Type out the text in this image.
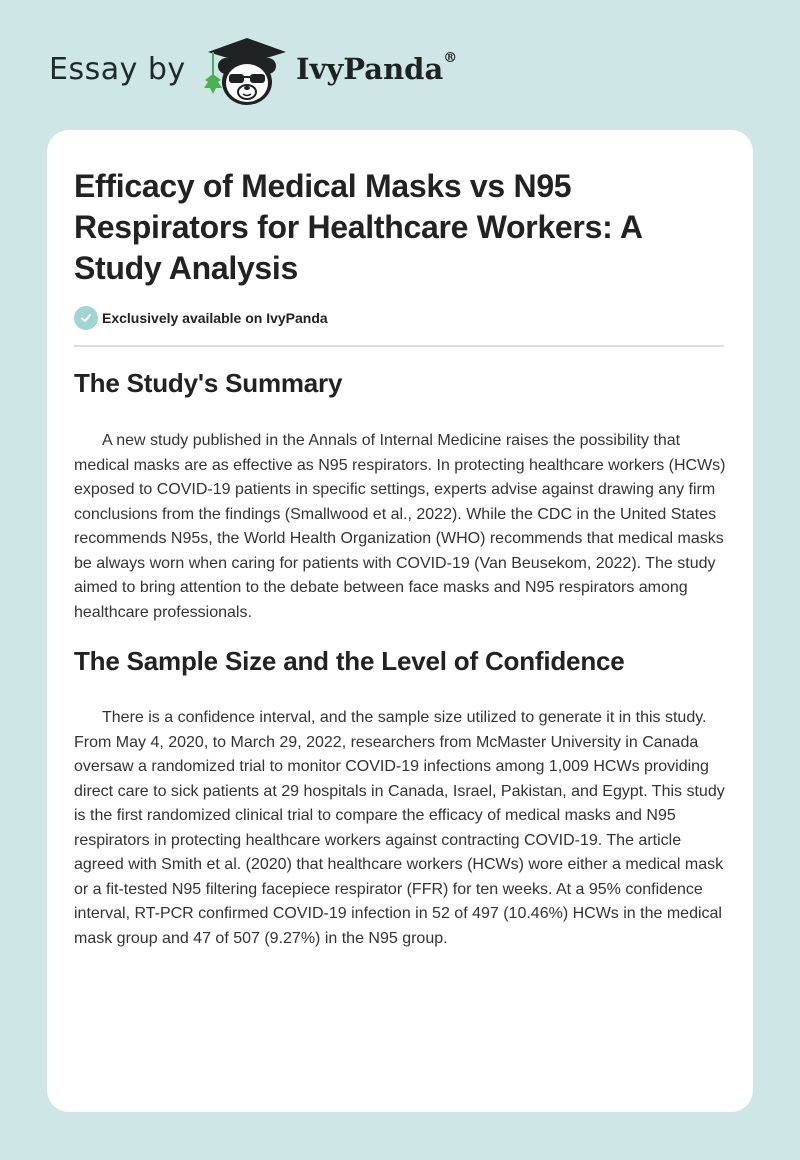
Essay by	IvyPanda®
Efficacy of Medical Masks vs N95 Respirators for Healthcare Workers: A Study Analysis
Exclusively available on IvyPanda
The Study's Summary

A new study published in the Annals of Internal Medicine raises the possibility that medical masks are as effective as N95 respirators. In protecting healthcare workers (HCWs) exposed to COVID-19 patients in specific settings, experts advise against drawing any firm conclusions from the findings (Smallwood et al., 2022). While the CDC in the United States recommends N95s, the World Health Organization (WHO) recommends that medical masks be always worn when caring for patients with COVID-19 (Van Beusekom, 2022). The study aimed to bring attention to the debate between face masks and N95 respirators among healthcare professionals.

The Sample Size and the Level of Confidence

There is a confidence interval, and the sample size utilized to generate it in this study. From May 4, 2020, to March 29, 2022, researchers from McMaster University in Canada oversaw a randomized trial to monitor COVID-19 infections among 1,009 HCWs providing direct care to sick patients at 29 hospitals in Canada, Israel, Pakistan, and Egypt. This study is the first randomized clinical trial to compare the efficacy of medical masks and N95 respirators in protecting healthcare workers against contracting COVID-19. The article agreed with Smith et al. (2020) that healthcare workers (HCWs) wore either a medical mask or a fit-tested N95 filtering facepiece respirator (FFR) for ten weeks. At a 95% confidence interval, RT-PCR confirmed COVID-19 infection in 52 of 497 (10.46%) HCWs in the medical mask group and 47 of 507 (9.27%) in the N95 group.
